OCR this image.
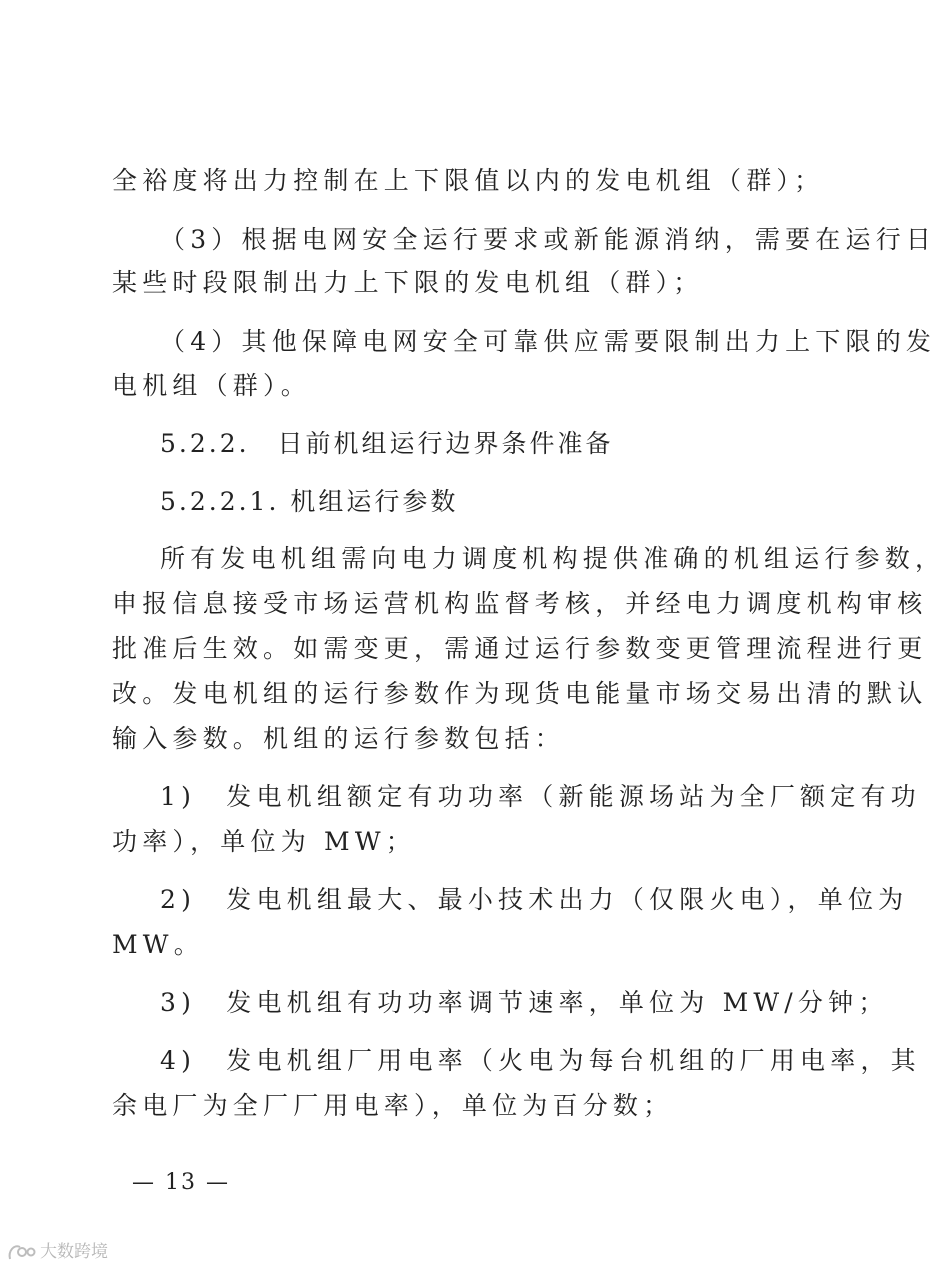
全裕度将出力控制在上下限值以内的发电机组（群）；
（3）根据电网安全运行要求或新能源消纳，需要在运行日
某些时段限制出力上下限的发电机组（群）；
（4）其他保障电网安全可靠供应需要限制出力上下限的发
电机组（群）。
5.2.2.　日前机组运行边界条件准备
5.2.2.1. 机组运行参数
所有发电机组需向电力调度机构提供准确的机组运行参数，
申报信息接受市场运营机构监督考核，并经电力调度机构审核
批准后生效。如需变更，需通过运行参数变更管理流程进行更
改。发电机组的运行参数作为现货电能量市场交易出清的默认
输入参数。机组的运行参数包括：
1)　发电机组额定有功功率（新能源场站为全厂额定有功
功率），单位为 MW；
2)　发电机组最大、最小技术出力（仅限火电），单位为
MW。
3)　发电机组有功功率调节速率，单位为 MW/分钟；
4)　发电机组厂用电率（火电为每台机组的厂用电率，其
余电厂为全厂厂用电率），单位为百分数；
— 13 —
大数跨境
